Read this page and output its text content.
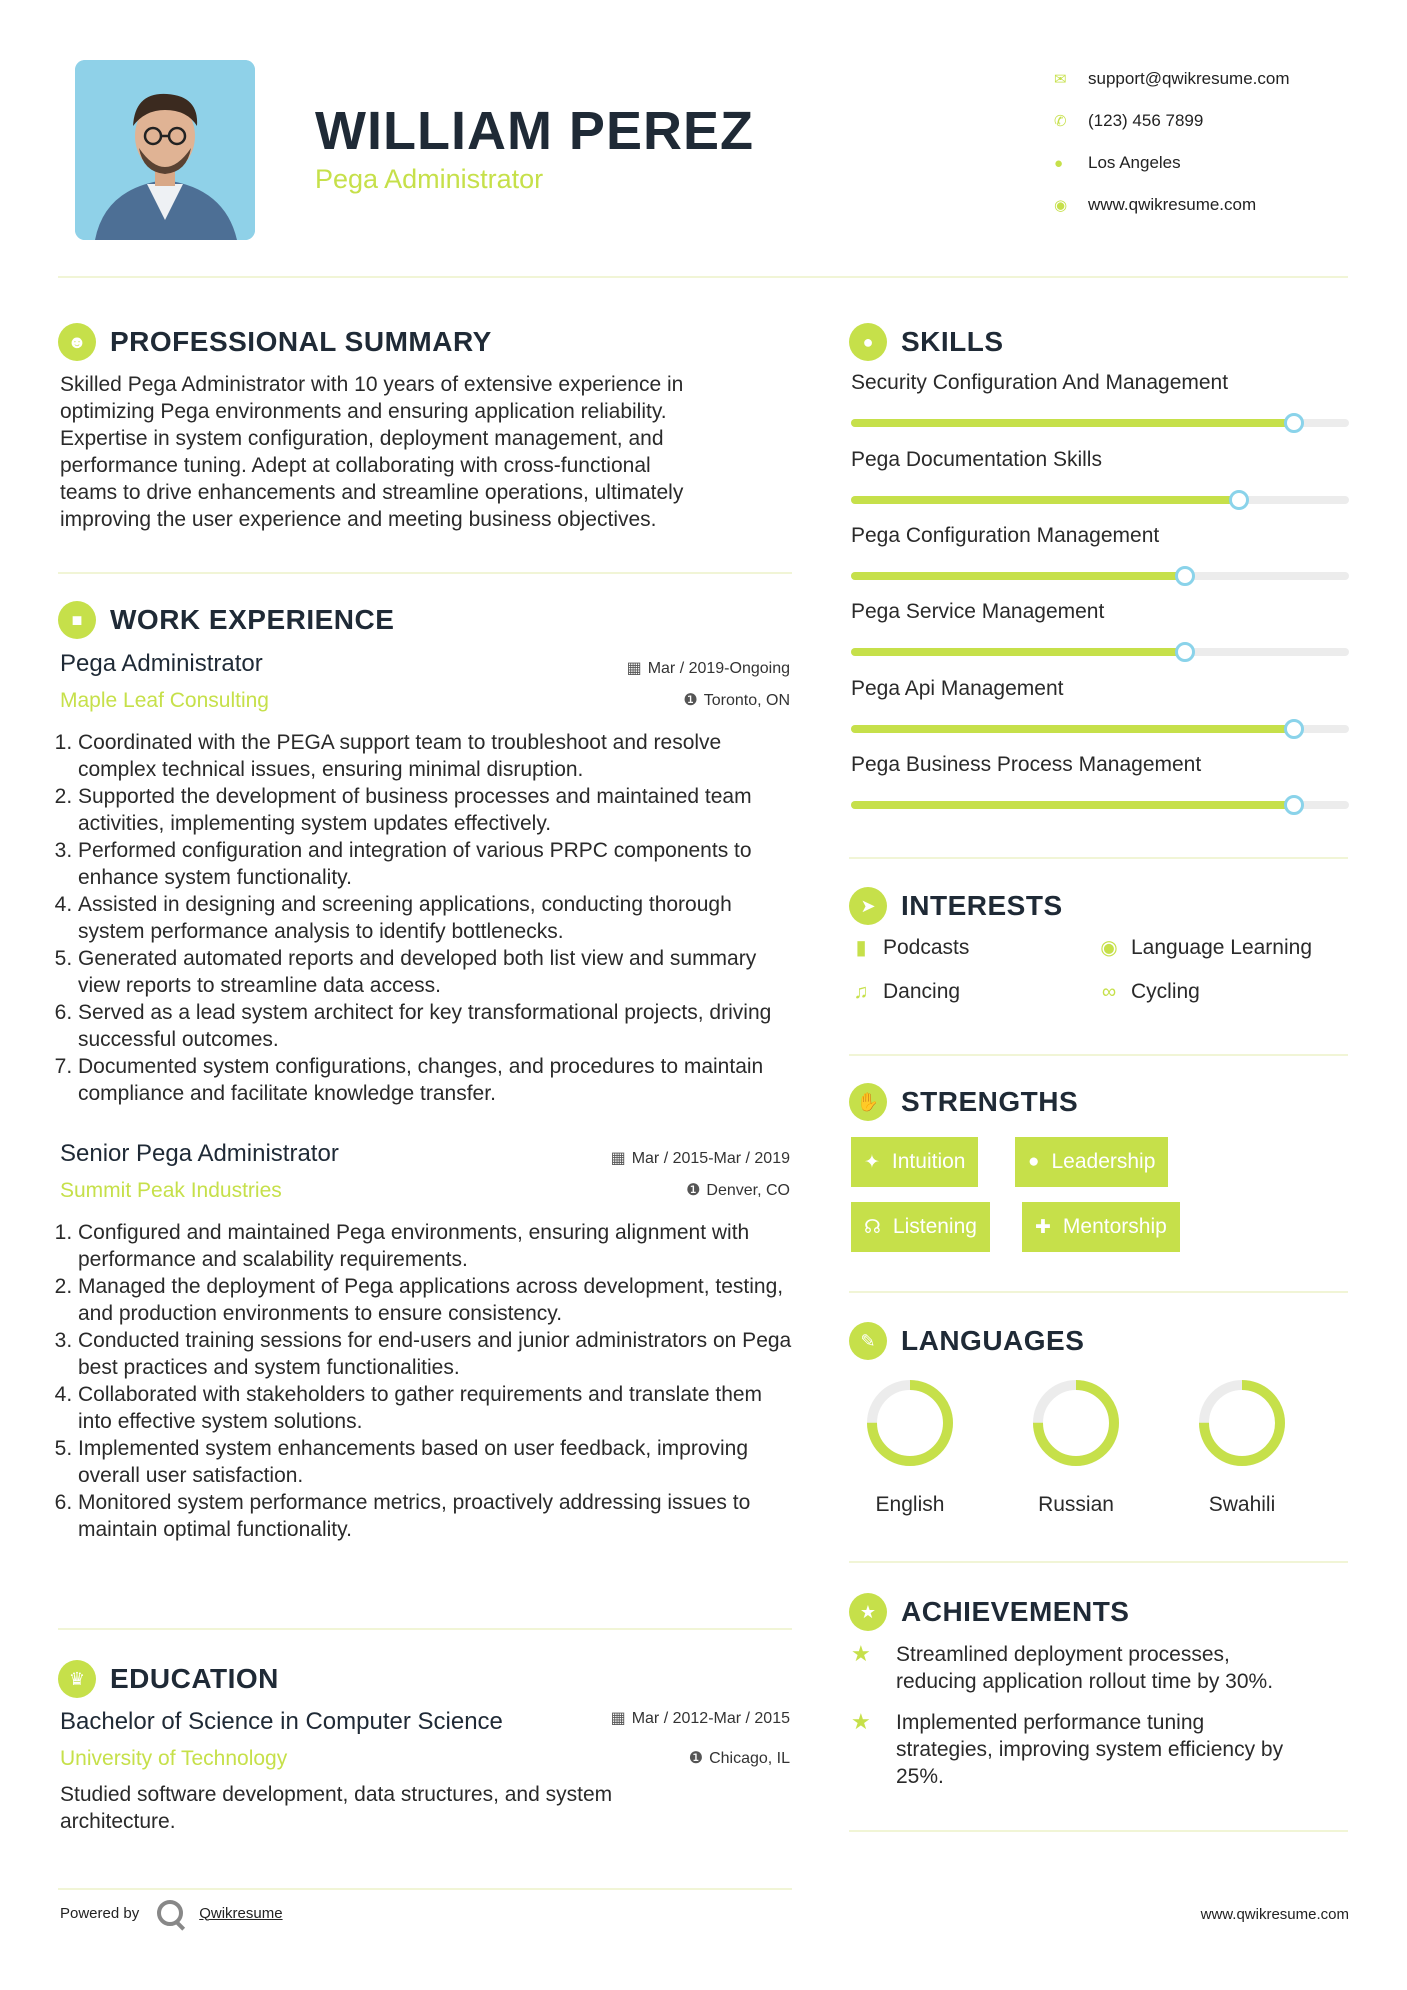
WILLIAM PEREZ
Pega Administrator
✉	support@qwikresume.com
✆	(123) 456 7899
●	Los Angeles
◉	www.qwikresume.com
☻ PROFESSIONAL SUMMARY
Skilled Pega Administrator with 10 years of extensive experience in
optimizing Pega environments and ensuring application reliability.
Expertise in system configuration, deployment management, and
performance tuning. Adept at collaborating with cross-functional
teams to drive enhancements and streamline operations, ultimately
improving the user experience and meeting business objectives.
■ WORK EXPERIENCE
Pega Administrator
Maple Leaf Consulting
▦ Mar / 2019-Ongoing
❶ Toronto, ON
1. Coordinated with the PEGA support team to troubleshoot and resolve complex technical issues, ensuring minimal disruption.
2. Supported the development of business processes and maintained team activities, implementing system updates effectively.
3. Performed configuration and integration of various PRPC components to enhance system functionality.
4. Assisted in designing and screening applications, conducting thorough system performance analysis to identify bottlenecks.
5. Generated automated reports and developed both list view and summary view reports to streamline data access.
6. Served as a lead system architect for key transformational projects, driving successful outcomes.
7. Documented system configurations, changes, and procedures to maintain compliance and facilitate knowledge transfer.
Senior Pega Administrator
Summit Peak Industries
▦ Mar / 2015-Mar / 2019
❶ Denver, CO
1. Configured and maintained Pega environments, ensuring alignment with performance and scalability requirements.
2. Managed the deployment of Pega applications across development, testing, and production environments to ensure consistency.
3. Conducted training sessions for end-users and junior administrators on Pega best practices and system functionalities.
4. Collaborated with stakeholders to gather requirements and translate them into effective system solutions.
5. Implemented system enhancements based on user feedback, improving overall user satisfaction.
6. Monitored system performance metrics, proactively addressing issues to maintain optimal functionality.
♛ EDUCATION
Bachelor of Science in Computer Science
University of Technology
▦ Mar / 2012-Mar / 2015
❶ Chicago, IL
Studied software development, data structures, and system
architecture.
● SKILLS
Security Configuration And Management
Pega Documentation Skills
Pega Configuration Management
Pega Service Management
Pega Api Management
Pega Business Process Management
➤ INTERESTS
▮ Podcasts	◉ Language Learning
♫ Dancing	∞ Cycling
✋ STRENGTHS
✦ Intuition	● Leadership
☊ Listening	✚ Mentorship
✎ LANGUAGES
English	Russian	Swahili
★ ACHIEVEMENTS
★	Streamlined deployment processes,
reducing application rollout time by 30%.
★	Implemented performance tuning
strategies, improving system efficiency by
25%.
Powered by	Qwikresume	www.qwikresume.com
